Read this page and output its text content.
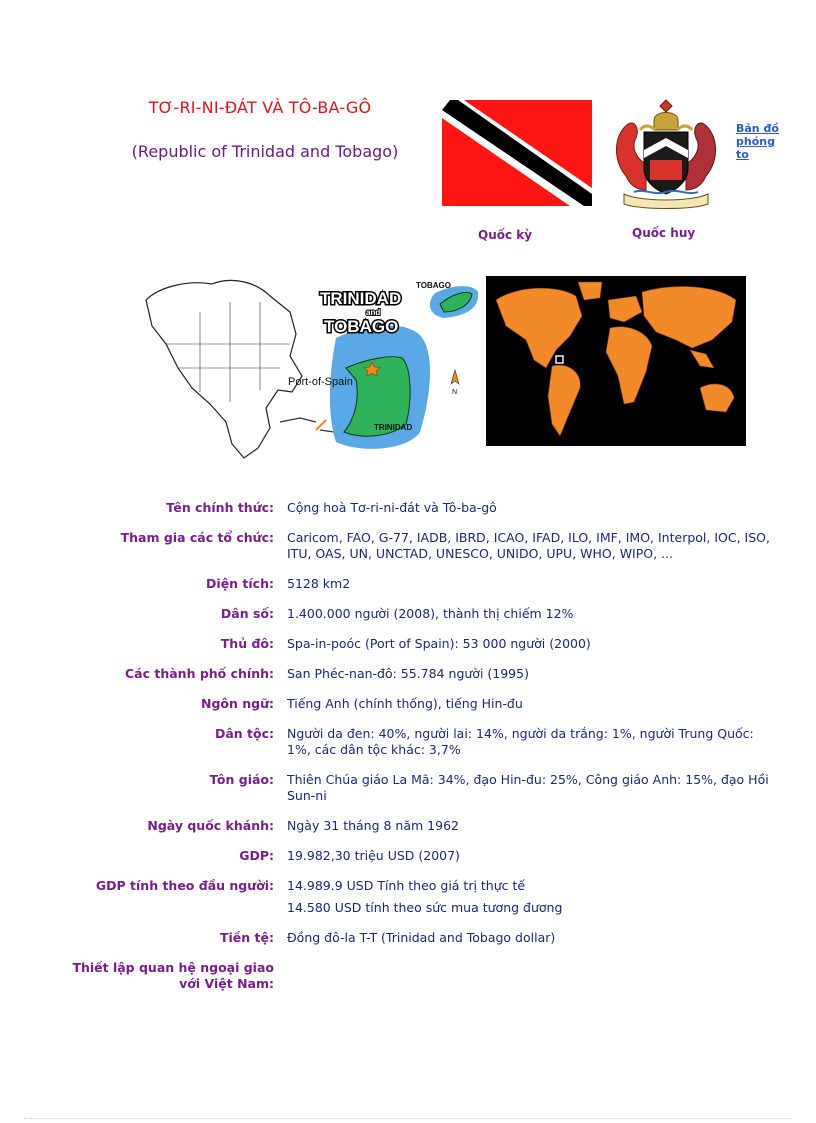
TƠ-RI-NI-ĐÁT VÀ TÔ-BA-GÔ
(Republic of Trinidad and Tobago)
Bản đồ phóng to
Quốc kỳ	Quốc huy
TRINIDAD
and
TOBAGO
TOBAGO
Port-of-Spain
TRINIDAD
N
Tên chính thức:	Cộng hoà Tơ-ri-ni-đát và Tô-ba-gô
Tham gia các tổ chức:	Caricom, FAO, G-77, IADB, IBRD, ICAO, IFAD, ILO, IMF, IMO, Interpol, IOC, ISO, ITU, OAS, UN, UNCTAD, UNESCO, UNIDO, UPU, WHO, WIPO, ...
Diện tích:	5128 km2
Dân số:	1.400.000 người (2008), thành thị chiếm 12%
Thủ đô:	Spa-in-poóc (Port of Spain): 53 000 người (2000)
Các thành phố chính:	San Phéc-nan-đô: 55.784 người (1995)
Ngôn ngữ:	Tiếng Anh (chính thống), tiếng Hin-đu
Dân tộc:	Người da đen: 40%, người lai: 14%, người da trắng: 1%, người Trung Quốc: 1%, các dân tộc khác: 3,7%
Tôn giáo:	Thiên Chúa giáo La Mã: 34%, đạo Hin-đu: 25%, Công giáo Anh: 15%, đạo Hồi Sun-ni
Ngày quốc khánh:	Ngày 31 tháng 8 năm 1962
GDP:	19.982,30 triệu USD (2007)
GDP tính theo đầu người:	14.989.9 USD Tính theo giá trị thực tế
14.580 USD tính theo sức mua tương đương
Tiền tệ:	Đồng đô-la T-T (Trinidad and Tobago dollar)
Thiết lập quan hệ ngoại giao với Việt Nam:
